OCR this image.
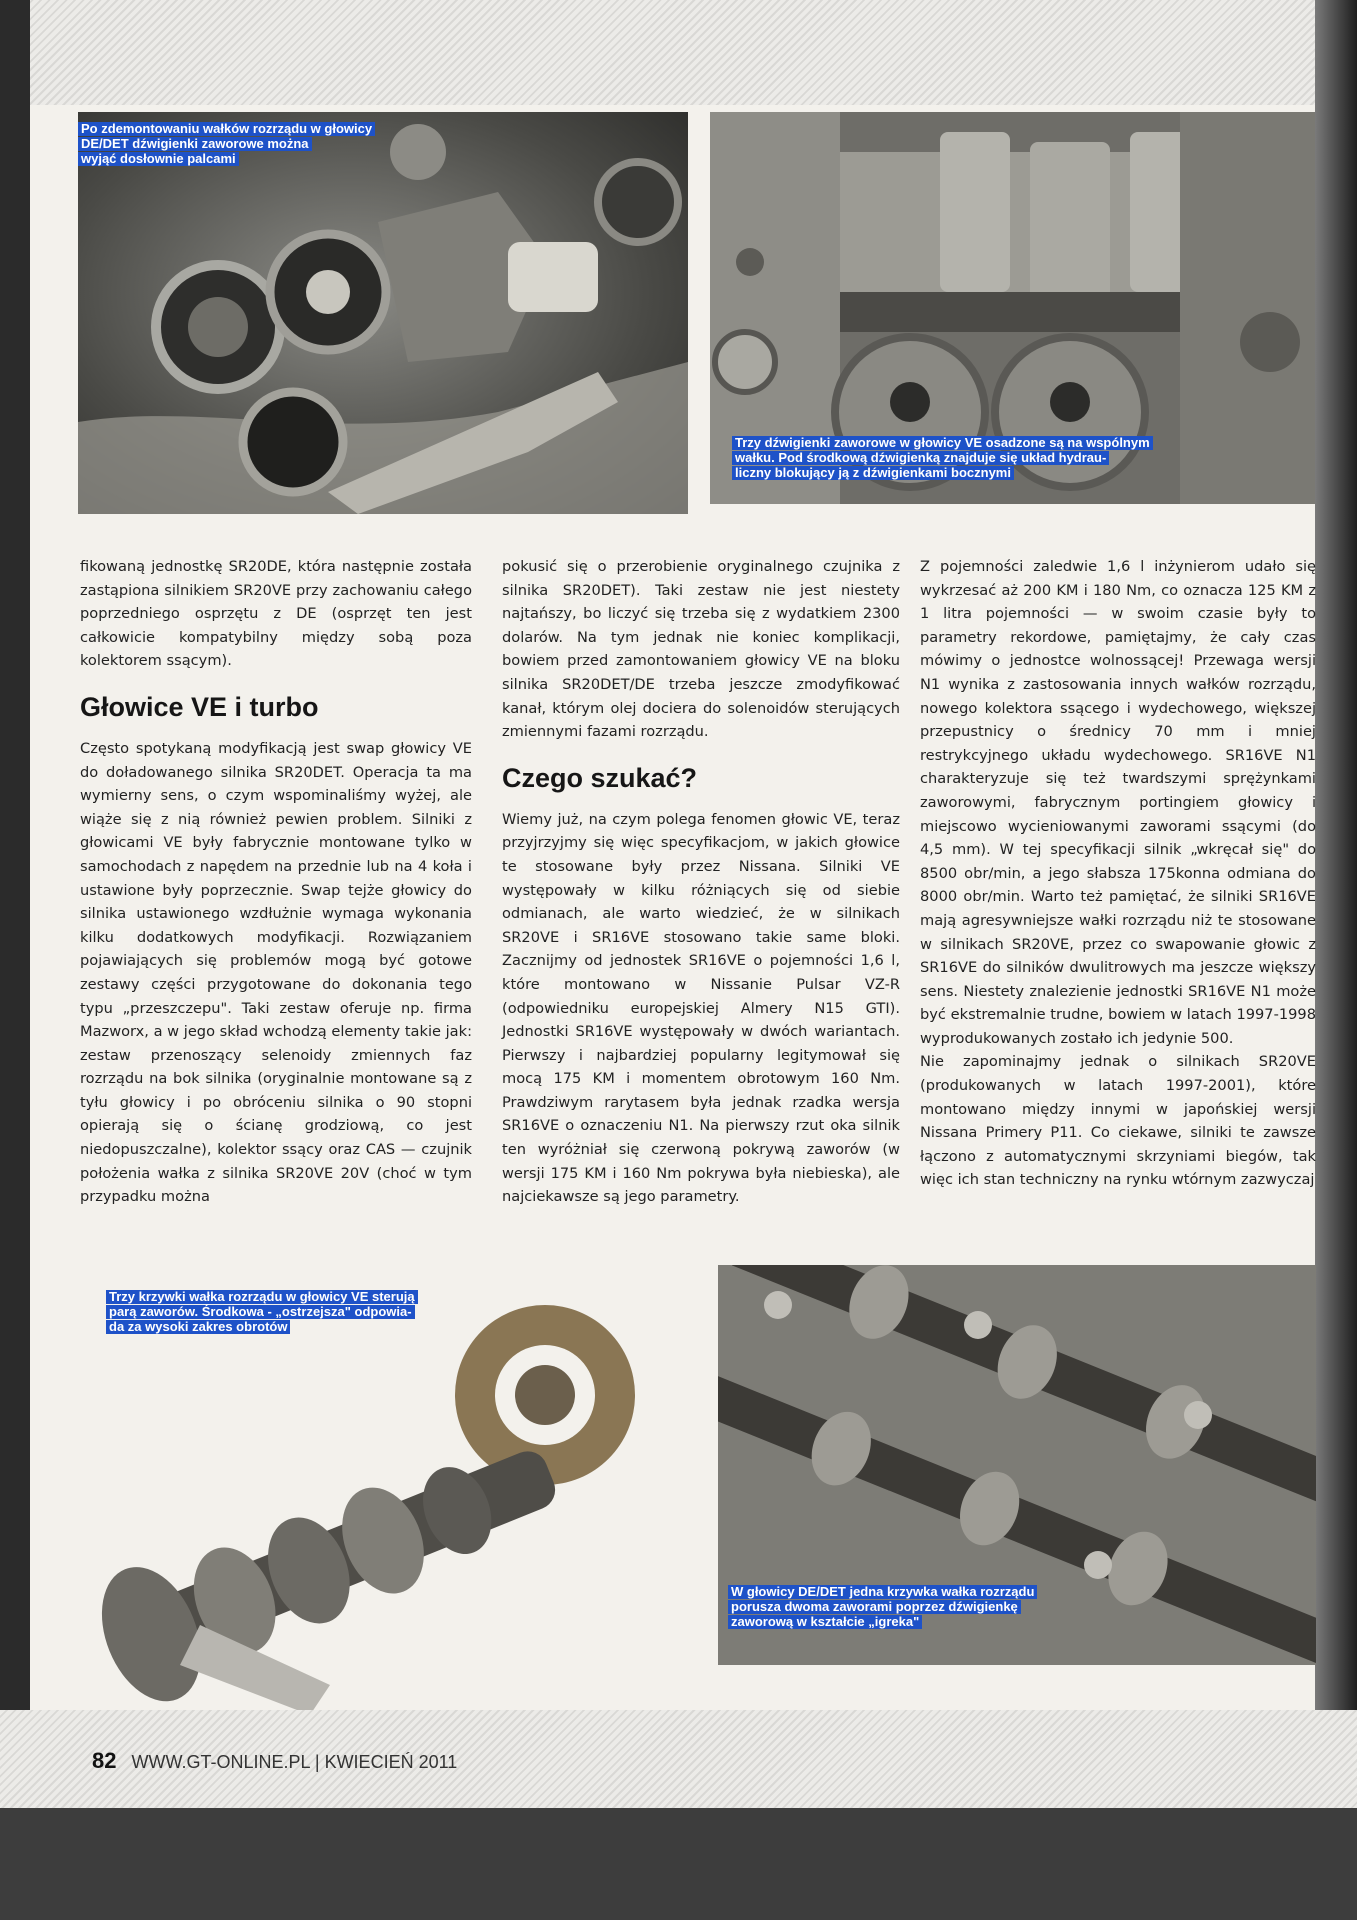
Po zdemontowaniu wałków rozrządu w głowicy
DE/DET dźwigienki zaworowe można
wyjąć dosłownie palcami
Trzy dźwigienki zaworowe w głowicy VE osadzone są na wspólnym
wałku. Pod środkową dźwigienką znajduje się układ hydrau-
liczny blokujący ją z dźwigienkami bocznymi

fikowaną jednostkę SR20DE, która następnie została zastąpiona silnikiem SR20VE przy zachowaniu całego poprzedniego osprzętu z DE (osprzęt ten jest całkowicie kompatybilny między sobą poza kolektorem ssącym).

Głowice VE i turbo

Często spotykaną modyfikacją jest swap głowicy VE do doładowanego silnika SR20DET. Operacja ta ma wymierny sens, o czym wspominaliśmy wyżej, ale wiąże się z nią również pewien problem. Silniki z głowicami VE były fabrycznie montowane tylko w samochodach z napędem na przednie lub na 4 koła i ustawione były poprzecznie. Swap tejże głowicy do silnika ustawionego wzdłużnie wymaga wykonania kilku dodatkowych modyfikacji. Rozwiązaniem pojawiających się problemów mogą być gotowe zestawy części przygotowane do dokonania tego typu „przeszczepu". Taki zestaw oferuje np. firma Mazworx, a w jego skład wchodzą elementy takie jak: zestaw przenoszący selenoidy zmiennych faz rozrządu na bok silnika (oryginalnie montowane są z tyłu głowicy i po obróceniu silnika o 90 stopni opierają się o ścianę grodziową, co jest niedopuszczalne), kolektor ssący oraz CAS — czujnik położenia wałka z silnika SR20VE 20V (choć w tym przypadku można

pokusić się o przerobienie oryginalnego czujnika z silnika SR20DET). Taki zestaw nie jest niestety najtańszy, bo liczyć się trzeba się z wydatkiem 2300 dolarów. Na tym jednak nie koniec komplikacji, bowiem przed zamontowaniem głowicy VE na bloku silnika SR20DET/DE trzeba jeszcze zmodyfikować kanał, którym olej dociera do solenoidów sterujących zmiennymi fazami rozrządu.

Czego szukać?

Wiemy już, na czym polega fenomen głowic VE, teraz przyjrzyjmy się więc specyfikacjom, w jakich głowice te stosowane były przez Nissana. Silniki VE występowały w kilku różniących się od siebie odmianach, ale warto wiedzieć, że w silnikach SR20VE i SR16VE stosowano takie same bloki. Zacznijmy od jednostek SR16VE o pojemności 1,6 l, które montowano w Nissanie Pulsar VZ-R (odpowiedniku europejskiej Almery N15 GTI). Jednostki SR16VE występowały w dwóch wariantach. Pierwszy i najbardziej popularny legitymował się mocą 175 KM i momentem obrotowym 160 Nm. Prawdziwym rarytasem była jednak rzadka wersja SR16VE o oznaczeniu N1. Na pierwszy rzut oka silnik ten wyróżniał się czerwoną pokrywą zaworów (w wersji 175 KM i 160 Nm pokrywa była niebieska), ale najciekawsze są jego parametry.

Z pojemności zaledwie 1,6 l inżynierom udało się wykrzesać aż 200 KM i 180 Nm, co oznacza 125 KM z 1 litra pojemności — w swoim czasie były to parametry rekordowe, pamiętajmy, że cały czas mówimy o jednostce wolnossącej! Przewaga wersji N1 wynika z zastosowania innych wałków rozrządu, nowego kolektora ssącego i wydechowego, większej przepustnicy o średnicy 70 mm i mniej restrykcyjnego układu wydechowego. SR16VE N1 charakteryzuje się też twardszymi sprężynkami zaworowymi, fabrycznym portingiem głowicy i miejscowo wycieniowanymi zaworami ssącymi (do 4,5 mm). W tej specyfikacji silnik „wkręcał się" do 8500 obr/min, a jego słabsza 175konna odmiana do 8000 obr/min. Warto też pamiętać, że silniki SR16VE mają agresywniejsze wałki rozrządu niż te stosowane w silnikach SR20VE, przez co swapowanie głowic z SR16VE do silników dwulitrowych ma jeszcze większy sens. Niestety znalezienie jednostki SR16VE N1 może być ekstremalnie trudne, bowiem w latach 1997-1998 wyprodukowanych zostało ich jedynie 500.

Nie zapominajmy jednak o silnikach SR20VE (produkowanych w latach 1997-2001), które montowano między innymi w japońskiej wersji Nissana Primery P11. Co ciekawe, silniki te zawsze łączono z automatycznymi skrzyniami biegów, tak więc ich stan techniczny na rynku wtórnym zazwyczaj

Trzy krzywki wałka rozrządu w głowicy VE sterują
parą zaworów. Środkowa - „ostrzejsza" odpowia-
da za wysoki zakres obrotów
W głowicy DE/DET jedna krzywka wałka rozrządu
porusza dwoma zaworami poprzez dźwigienkę
zaworową w kształcie „igreka"
82 WWW.GT-ONLINE.PL | KWIECIEŃ 2011
